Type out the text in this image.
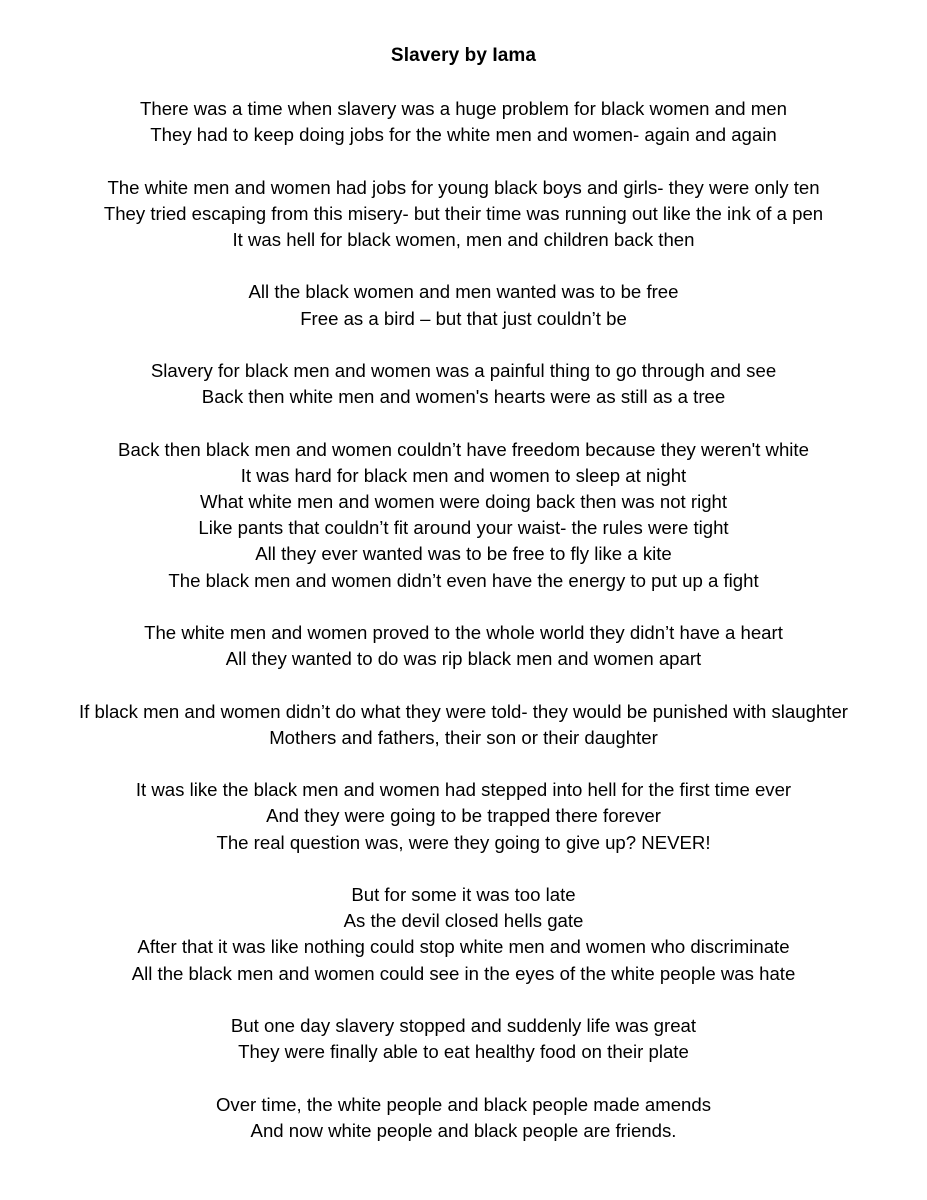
Slavery by Iama
There was a time when slavery was a huge problem for black women and men
They had to keep doing jobs for the white men and women- again and again
The white men and women had jobs for young black boys and girls- they were only ten
They tried escaping from this misery- but their time was running out like the ink of a pen
It was hell for black women, men and children back then
All the black women and men wanted was to be free
Free as a bird – but that just couldn’t be
Slavery for black men and women was a painful thing to go through and see
Back then white men and women's hearts were as still as a tree
Back then black men and women couldn’t have freedom because they weren't white
It was hard for black men and women to sleep at night
What white men and women were doing back then was not right
Like pants that couldn’t fit around your waist- the rules were tight
All they ever wanted was to be free to fly like a kite
The black men and women didn’t even have the energy to put up a fight
The white men and women proved to the whole world they didn’t have a heart
All they wanted to do was rip black men and women apart
If black men and women didn’t do what they were told- they would be punished with slaughter
Mothers and fathers, their son or their daughter
It was like the black men and women had stepped into hell for the first time ever
And they were going to be trapped there forever
The real question was, were they going to give up? NEVER!
But for some it was too late
As the devil closed hells gate
After that it was like nothing could stop white men and women who discriminate
All the black men and women could see in the eyes of the white people was hate
But one day slavery stopped and suddenly life was great
They were finally able to eat healthy food on their plate
Over time, the white people and black people made amends
And now white people and black people are friends.
